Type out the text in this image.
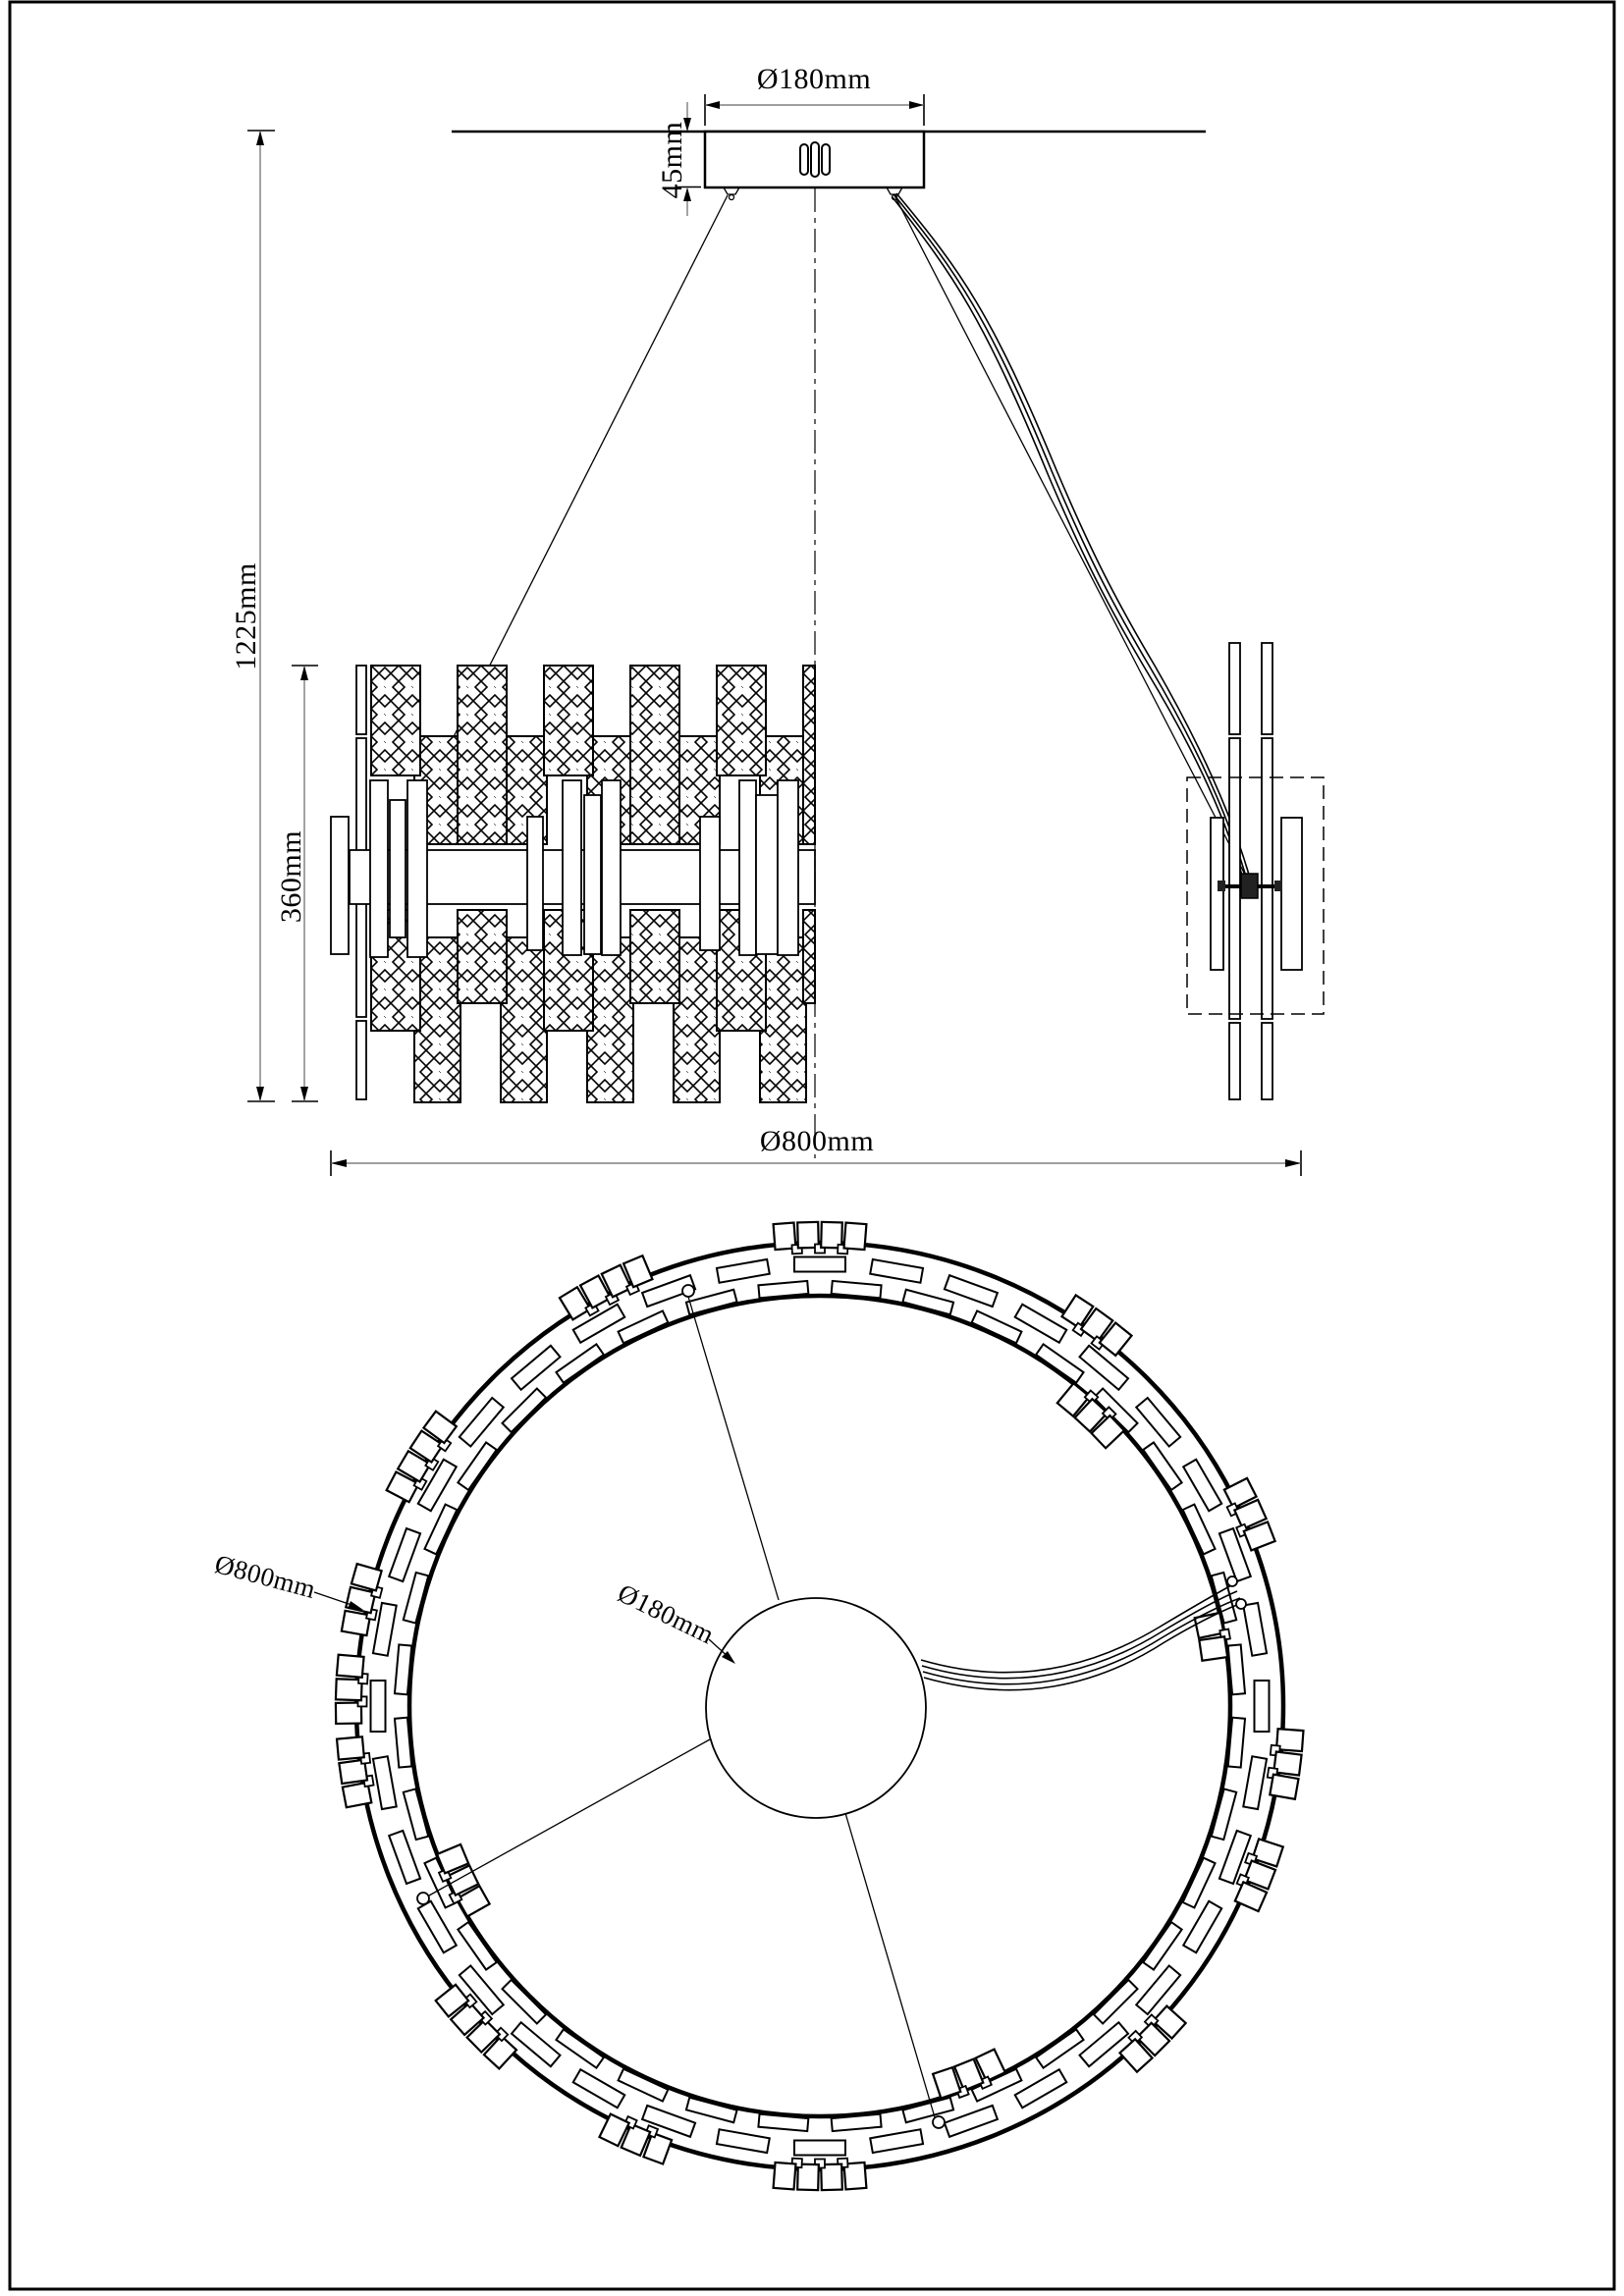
Ø180mm
45mm
1225mm
360mm
Ø800mm
Ø800mm
Ø180mm
